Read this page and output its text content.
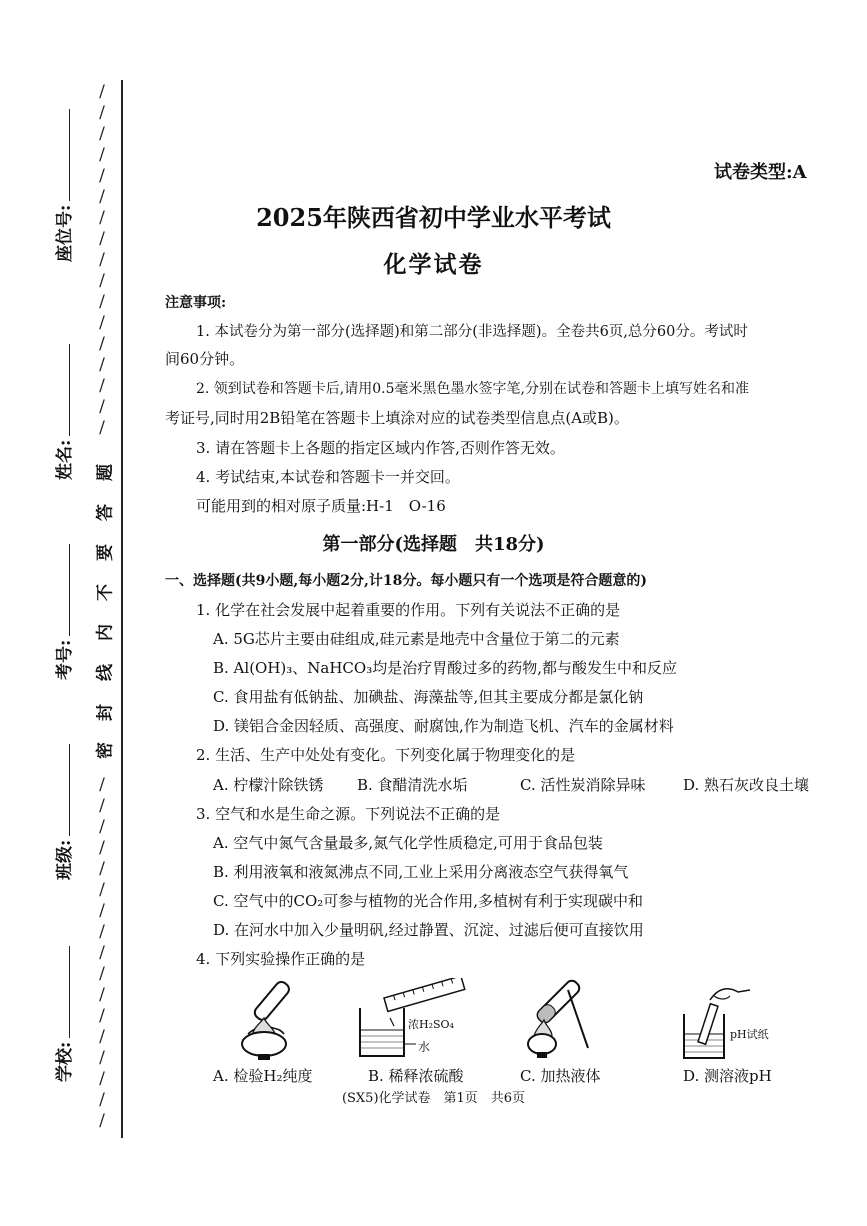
/
/
/
/
/
/
/
/
/
/
/
/
/
/
/
/
/

/
/
/
/
/
/
/
/
/
/
/
/
/
/
/
/
/
题
答
要
不
内
线
封
密
座位号:
姓名:
考号:
班级:
学校:
试卷类型:A
2025年陕西省初中学业水平考试
化学试卷
注意事项:
1. 本试卷分为第一部分(选择题)和第二部分(非选择题)。全卷共6页,总分60分。考试时
间60分钟。
2. 领到试卷和答题卡后,请用0.5毫米黑色墨水签字笔,分别在试卷和答题卡上填写姓名和准
考证号,同时用2B铅笔在答题卡上填涂对应的试卷类型信息点(A或B)。
3. 请在答题卡上各题的指定区域内作答,否则作答无效。
4. 考试结束,本试卷和答题卡一并交回。
可能用到的相对原子质量:H-1　O-16
第一部分(选择题　共18分)
一、选择题(共9小题,每小题2分,计18分。每小题只有一个选项是符合题意的)
1. 化学在社会发展中起着重要的作用。下列有关说法不正确的是
A. 5G芯片主要由硅组成,硅元素是地壳中含量位于第二的元素
B. Al(OH)₃、NaHCO₃均是治疗胃酸过多的药物,都与酸发生中和反应
C. 食用盐有低钠盐、加碘盐、海藻盐等,但其主要成分都是氯化钠
D. 镁铝合金因轻质、高强度、耐腐蚀,作为制造飞机、汽车的金属材料
2. 生活、生产中处处有变化。下列变化属于物理变化的是
A. 柠檬汁除铁锈 B. 食醋清洗水垢	C. 活性炭消除异味	D. 熟石灰改良土壤
3. 空气和水是生命之源。下列说法不正确的是
A. 空气中氮气含量最多,氮气化学性质稳定,可用于食品包装
B. 利用液氧和液氮沸点不同,工业上采用分离液态空气获得氧气
C. 空气中的CO₂可参与植物的光合作用,多植树有利于实现碳中和
D. 在河水中加入少量明矾,经过静置、沉淀、过滤后便可直接饮用
4. 下列实验操作正确的是
A. 检验H₂纯度
浓H₂SO₄
水
B. 稀释浓硫酸	C. 加热液体
pH试纸
D. 测溶液pH
(SX5)化学试卷　第1页　共6页
